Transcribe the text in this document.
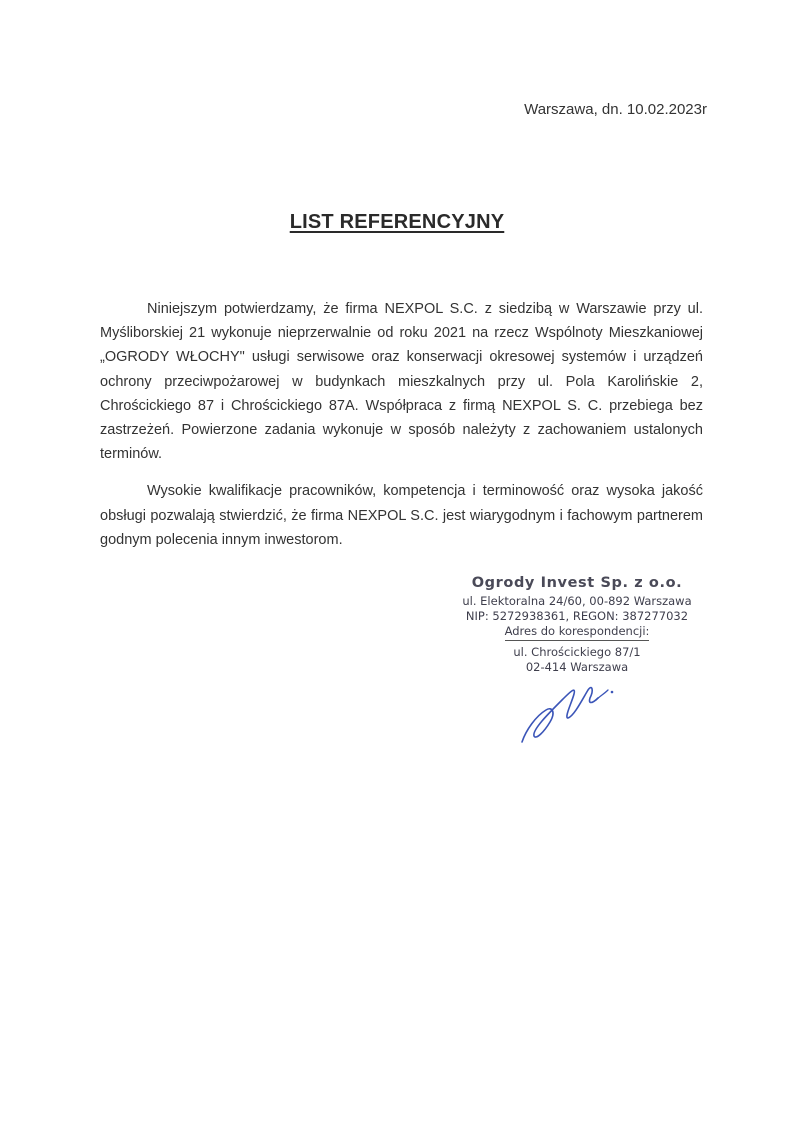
Warszawa, dn. 10.02.2023r
LIST REFERENCYJNY

Niniejszym potwierdzamy, że firma NEXPOL S.C. z siedzibą w Warszawie przy ul. Myśliborskiej 21 wykonuje nieprzerwalnie od roku 2021 na rzecz Wspólnoty Mieszkaniowej „OGRODY WŁOCHY" usługi serwisowe oraz konserwacji okresowej systemów i urządzeń ochrony przeciwpożarowej w budynkach mieszkalnych przy ul. Pola Karolińskie 2, Chrościckiego 87 i Chrościckiego 87A. Współpraca z firmą NEXPOL S. C. przebiega bez zastrzeżeń. Powierzone zadania wykonuje w sposób należyty z zachowaniem ustalonych terminów.

Wysokie kwalifikacje pracowników, kompetencja i terminowość oraz wysoka jakość obsługi pozwalają stwierdzić, że firma NEXPOL S.C. jest wiarygodnym i fachowym partnerem godnym polecenia innym inwestorom.

Ogrody Invest Sp. z o.o.
ul. Elektoralna 24/60, 00-892 Warszawa
NIP: 5272938361, REGON: 387277032
Adres do korespondencji:
ul. Chrościckiego 87/1
02-414 Warszawa
